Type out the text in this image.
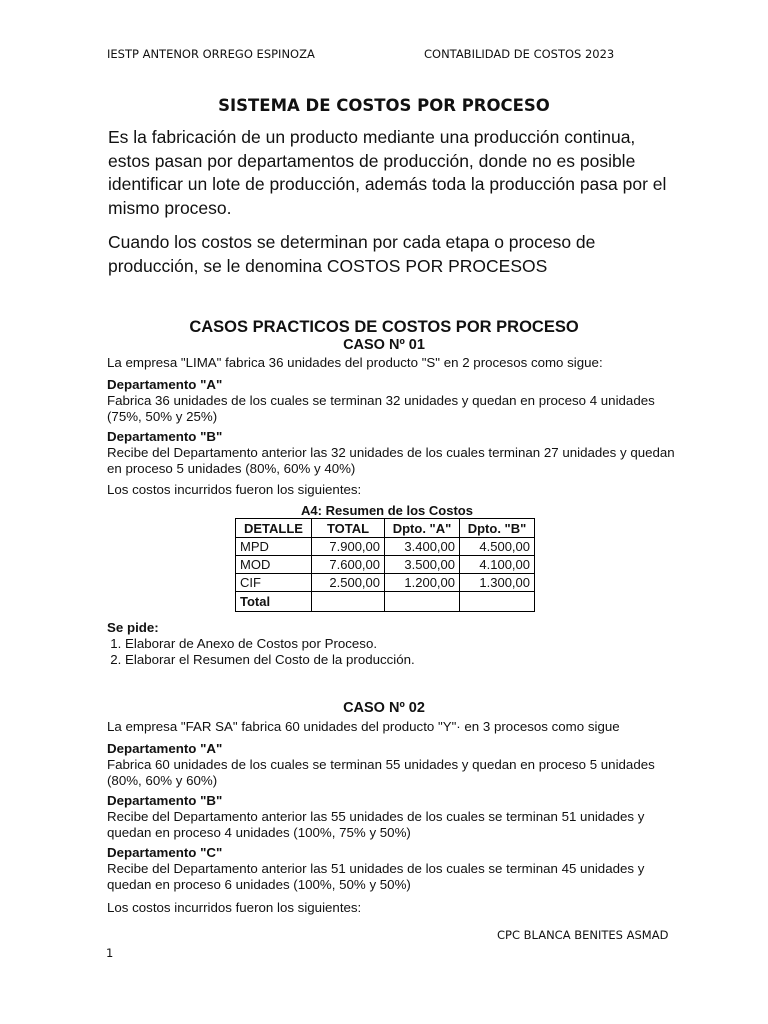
IESTP ANTENOR ORREGO ESPINOZA	CONTABILIDAD DE COSTOS 2023
SISTEMA DE COSTOS POR PROCESO
Es la fabricación de un producto mediante una producción continua, estos pasan por departamentos de producción, donde no es posible identificar un lote de producción, además toda la producción pasa por el mismo proceso.
Cuando los costos se determinan por cada etapa o proceso de producción, se le denomina COSTOS POR PROCESOS
CASOS PRACTICOS DE COSTOS POR PROCESO
CASO Nº 01
La empresa "LIMA" fabrica 36 unidades del producto "S" en 2 procesos como sigue:
Departamento "A"
Fabrica 36 unidades de los cuales se terminan 32 unidades y quedan en proceso 4 unidades (75%, 50% y 25%)
Departamento "B"
Recibe del Departamento anterior las 32 unidades de los cuales terminan 27 unidades y quedan en proceso 5 unidades (80%, 60% y 40%)
Los costos incurridos fueron los siguientes:
A4: Resumen de los Costos
DETALLE	TOTAL	Dpto. "A"	Dpto. "B"
MPD	7.900,00	3.400,00	4.500,00
MOD	7.600,00	3.500,00	4.100,00
CIF	2.500,00	1.200,00	1.300,00
Total			
Se pide:
1. Elaborar de Anexo de Costos por Proceso.
2. Elaborar el Resumen del Costo de la producción.
CASO Nº 02
La empresa "FAR SA" fabrica 60 unidades del producto "Y"· en 3 procesos como sigue
Departamento "A"
Fabrica 60 unidades de los cuales se terminan 55 unidades y quedan en proceso 5 unidades (80%, 60% y 60%)
Departamento "B"
Recibe del Departamento anterior las 55 unidades de los cuales se terminan 51 unidades y quedan en proceso 4 unidades (100%, 75% y 50%)
Departamento "C"
Recibe del Departamento anterior las 51 unidades de los cuales se terminan 45 unidades y quedan en proceso 6 unidades (100%, 50% y 50%)
Los costos incurridos fueron los siguientes:
CPC BLANCA BENITES ASMAD
1
